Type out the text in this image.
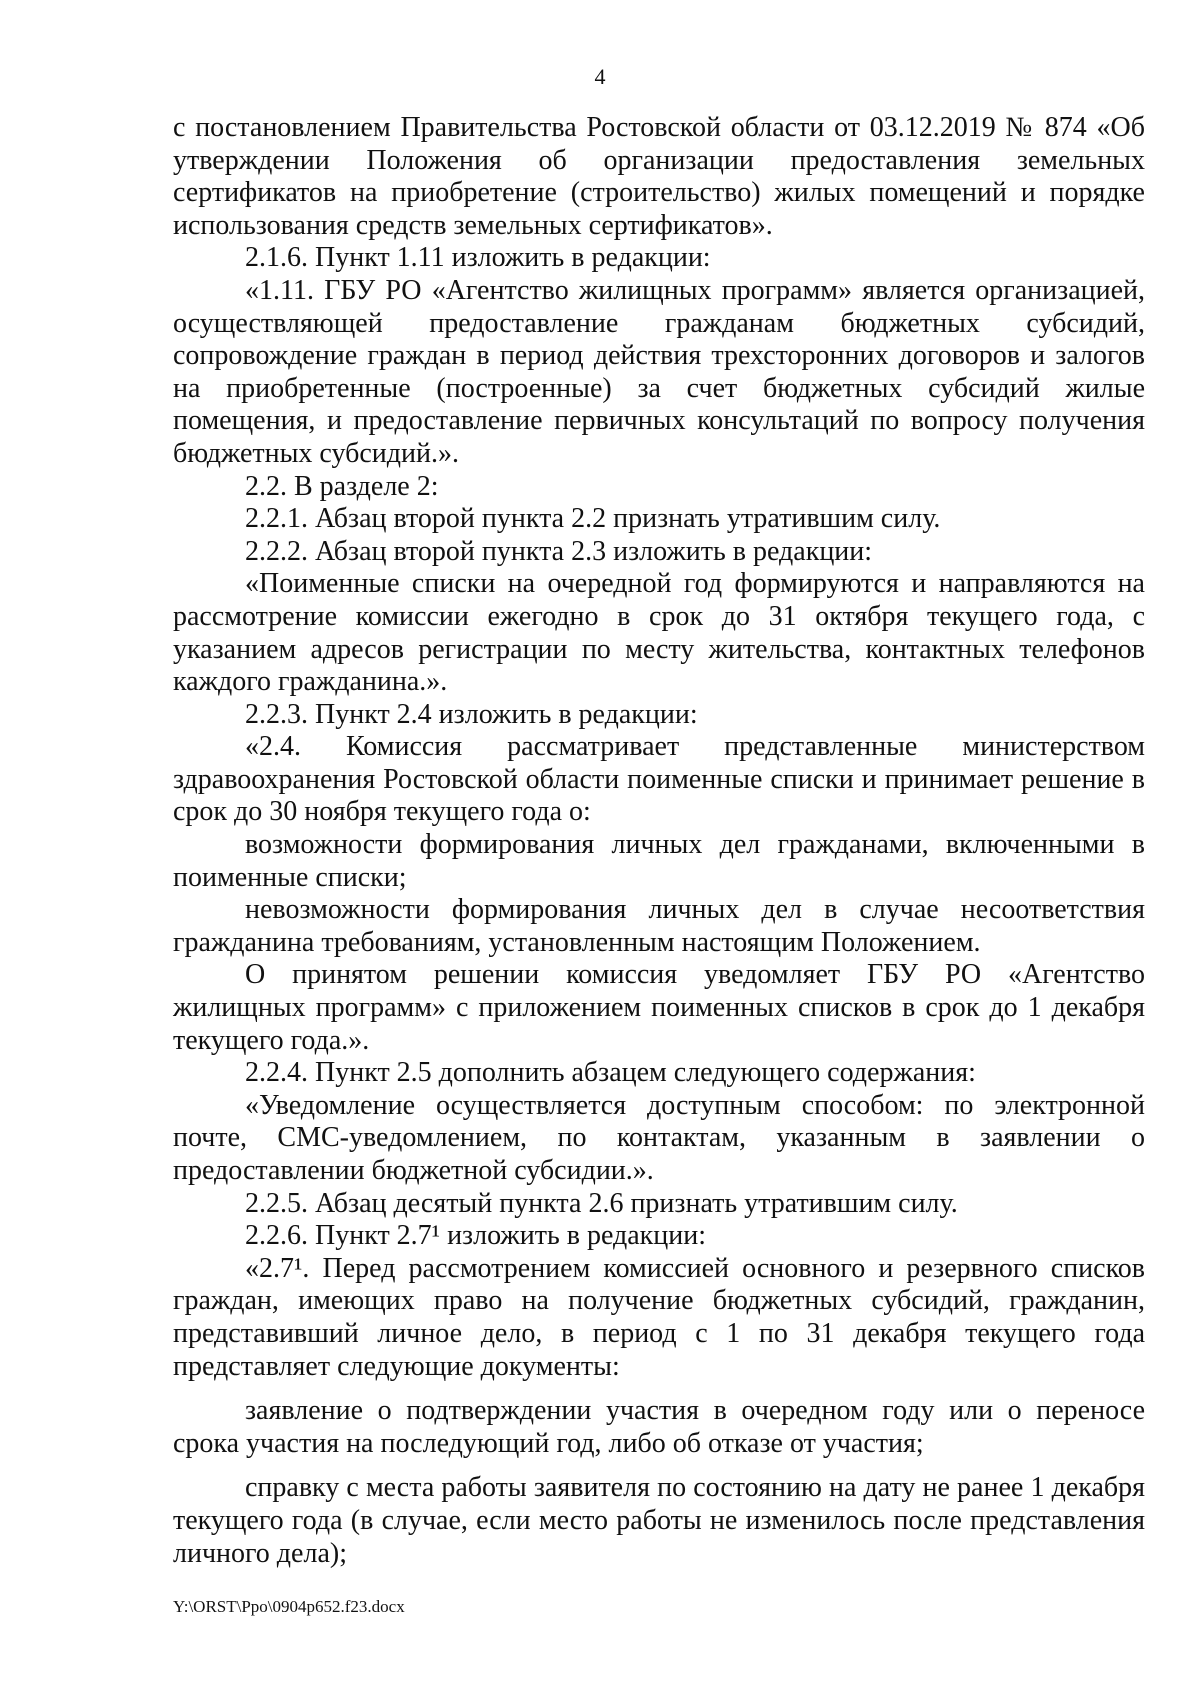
4

с постановлением Правительства Ростовской области от 03.12.2019 № 874 «Об утверждении Положения об организации предоставления земельных сертификатов на приобретение (строительство) жилых помещений и порядке использования средств земельных сертификатов».

2.1.6. Пункт 1.11 изложить в редакции:

«1.11. ГБУ РО «Агентство жилищных программ» является организацией, осуществляющей предоставление гражданам бюджетных субсидий, сопровождение граждан в период действия трехсторонних договоров и залогов на приобретенные (построенные) за счет бюджетных субсидий жилые помещения, и предоставление первичных консультаций по вопросу получения бюджетных субсидий.».

2.2. В разделе 2:

2.2.1. Абзац второй пункта 2.2 признать утратившим силу.

2.2.2. Абзац второй пункта 2.3 изложить в редакции:

«Поименные списки на очередной год формируются и направляются на рассмотрение комиссии ежегодно в срок до 31 октября текущего года, с указанием адресов регистрации по месту жительства, контактных телефонов каждого гражданина.».

2.2.3. Пункт 2.4 изложить в редакции:

«2.4. Комиссия рассматривает представленные министерством здравоохранения Ростовской области поименные списки и принимает решение в срок до 30 ноября текущего года о:

возможности формирования личных дел гражданами, включенными в поименные списки;

невозможности формирования личных дел в случае несоответствия гражданина требованиям, установленным настоящим Положением.

О принятом решении комиссия уведомляет ГБУ РО «Агентство жилищных программ» с приложением поименных списков в срок до 1 декабря текущего года.».

2.2.4. Пункт 2.5 дополнить абзацем следующего содержания:

«Уведомление осуществляется доступным способом: по электронной почте, СМС-уведомлением, по контактам, указанным в заявлении о предоставлении бюджетной субсидии.».

2.2.5. Абзац десятый пункта 2.6 признать утратившим силу.

2.2.6. Пункт 2.7¹ изложить в редакции:

«2.7¹. Перед рассмотрением комиссией основного и резервного списков граждан, имеющих право на получение бюджетных субсидий, гражданин, представивший личное дело, в период с 1 по 31 декабря текущего года представляет следующие документы:

заявление о подтверждении участия в очередном году или о переносе срока участия на последующий год, либо об отказе от участия;

справку с места работы заявителя по состоянию на дату не ранее 1 декабря текущего года (в случае, если место работы не изменилось после представления личного дела);

Y:\ORST\Ppo\0904p652.f23.docx
